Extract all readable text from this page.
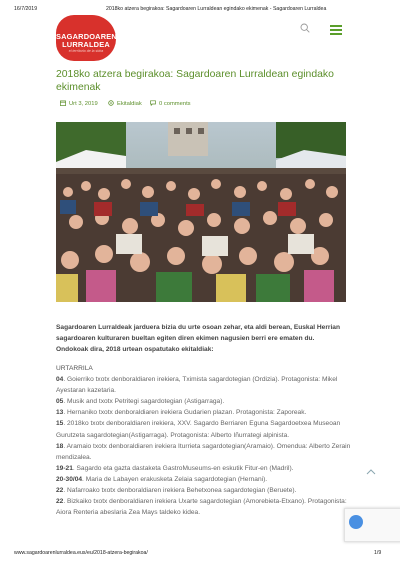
16/7/2019	2018ko atzera begirakoa: Sagardoaren Lurraldean egindako ekimenak - Sagardoaren Lurraldea
SAGARDOAREN
LURRALDEA
el territorio de la sidra
2018ko atzera begirakoa: Sagardoaren Lurraldean egindako ekimenak
Urt 3, 2019	Ekitaldiak	0 comments
Sagardoaren Lurraldeak jarduera bizia du urte osoan zehar, eta aldi berean, Euskal Herrian sagardoaren kulturaren bueltan egiten diren ekimen nagusien berri ere ematen du. Ondokoak dira, 2018 urtean ospatutako ekitaldiak:
URTARRILA
04. Goierriko txotx denboraldiaren irekiera, Tximista sagardotegian (Ordizia). Protagonista: Mikel Ayestaran kazetaria.
05. Musik and txotx Petritegi sagardotegian (Astigarraga).
13. Hernaniko txotx denboraldiaren irekiera Gudarien plazan. Protagonista: Zaporeak.
15. 2018ko txotx denboraldiaren irekiera, XXV. Sagardo Berriaren Eguna Sagardoetxea Museoan Gurutzeta sagardotegian(Astigarraga). Protagonista: Alberto Iñurrategi alpinista.
18. Aramaio txotx denboraldiaren irekiera Iturrieta sagardotegian(Aramaio). Omendua: Alberto Zerain mendizalea.
19-21. Sagardo eta gazta dastaketa GastroMuseums-en eskutik Fitur-en (Madril).
20-30/04. Maria de Labayen erakusketa Zelaia sagardotegian (Hernani).
22. Nafarroako txotx denboraldiaren irekiera Behetxonea sagardotegian (Beruete).
22. Bizkaiko txotx denboraldiaren irekiera Uxarte sagardotegian (Amorebieta-Etxano). Protagonista: Aiora Renteria abeslaria Zea Mays taldeko kidea.
www.sagardoarenlurraldea.eus/eu/2018-atzera-begirakoa/	1/9
